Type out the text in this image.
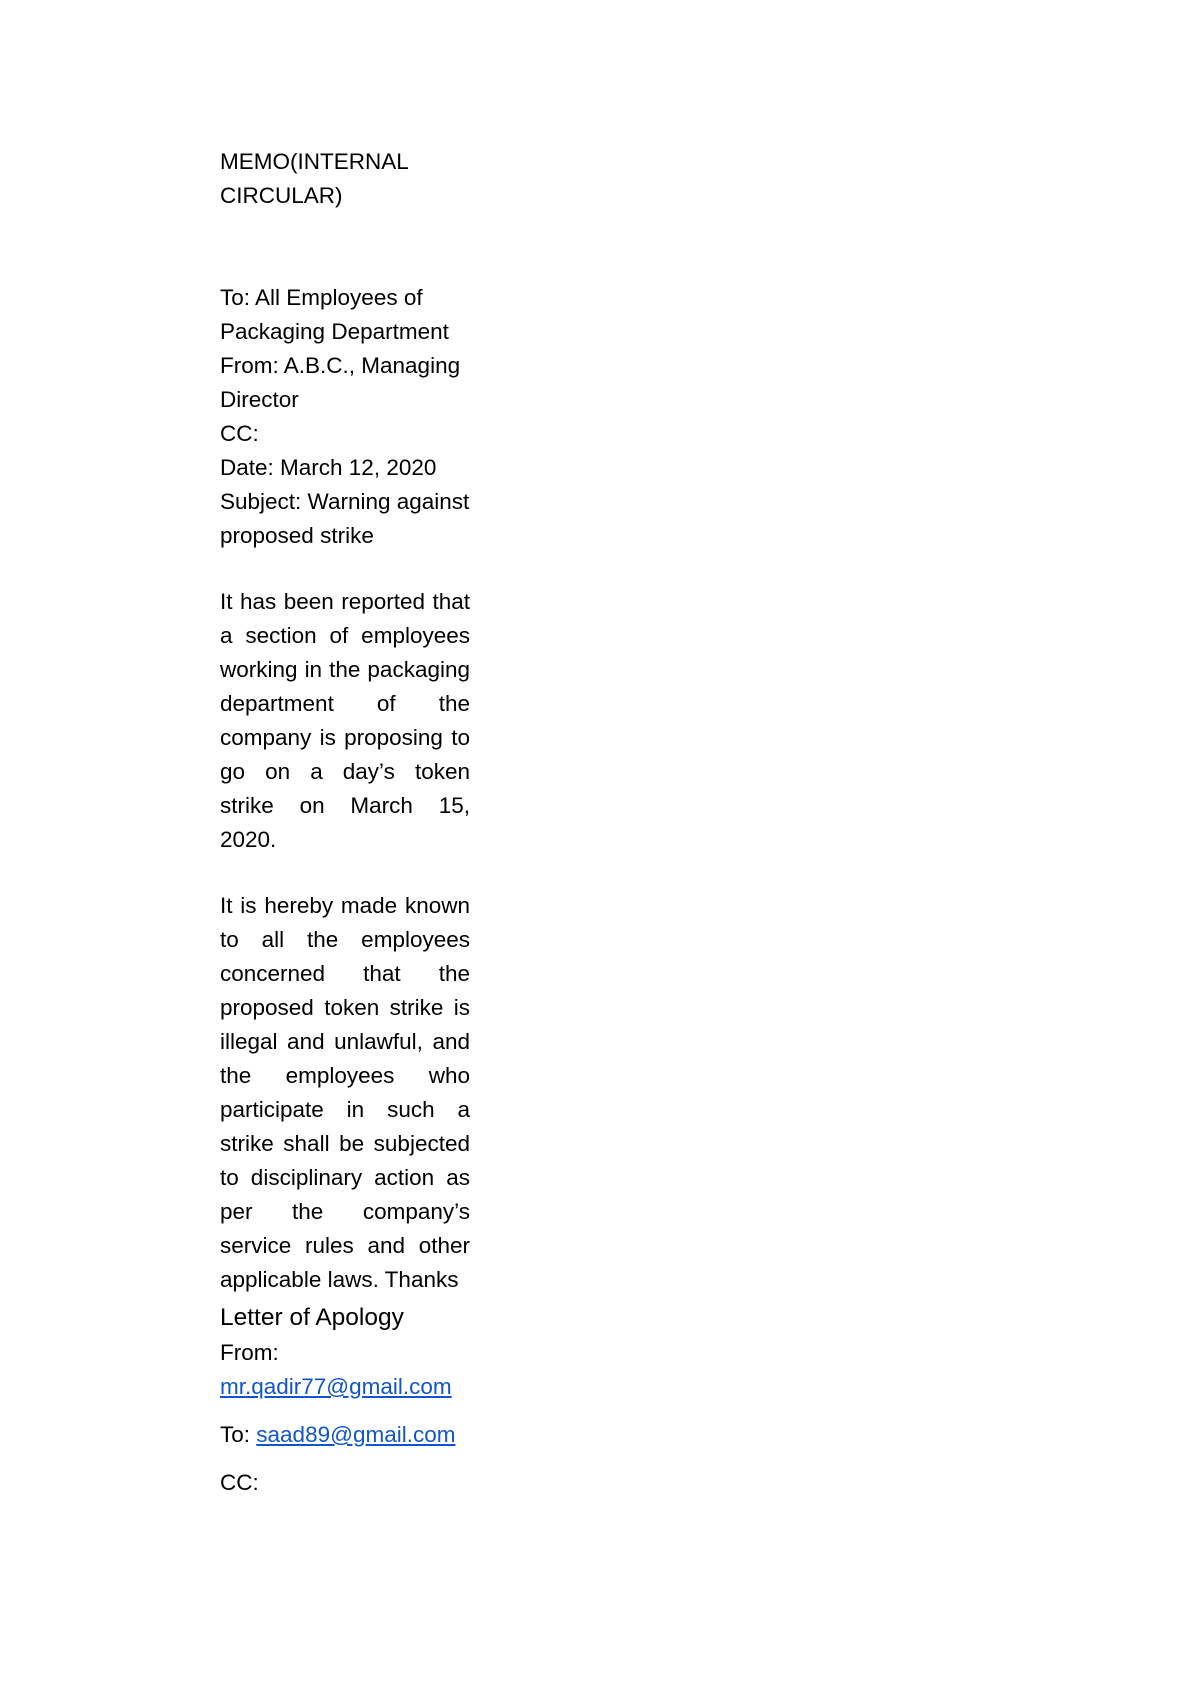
MEMO(INTERNAL CIRCULAR)

To: All Employees of Packaging Department

From: A.B.C., Managing Director

CC:

Date: March 12, 2020

Subject: Warning against proposed strike

It has been reported that a section of employees working in the packaging department of the company is proposing to go on a day’s token strike on March 15, 2020.

It is hereby made known to all the employees concerned that the proposed token strike is illegal and unlawful, and the employees who participate in such a strike shall be subjected to disciplinary action as per the company’s service rules and other applicable laws. Thanks

Letter of Apology
From:
mr.qadir77@gmail.com
To: saad89@gmail.com
CC:
